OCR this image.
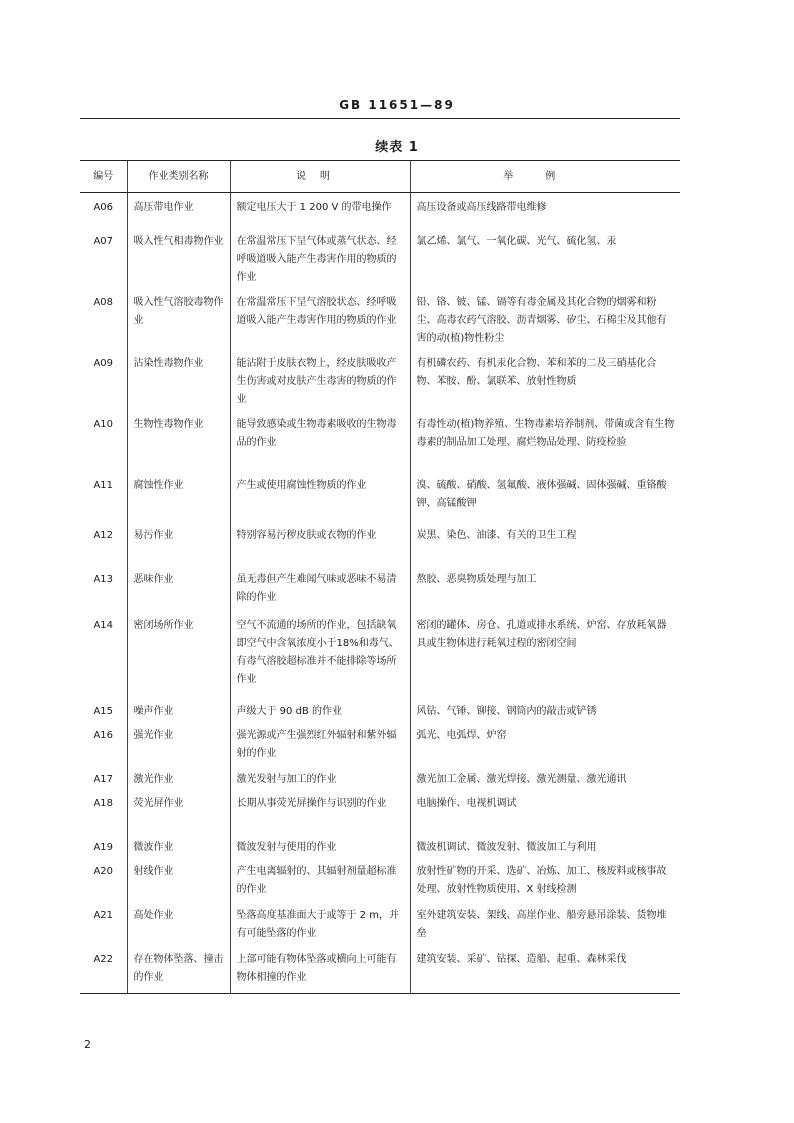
GB 11651—89
续表 1
编号	作业类别名称	说明	举例
A06	高压带电作业	额定电压大于 1 200 V 的带电操作	高压设备或高压线路带电维修
A07	吸入性气相毒物作业	在常温常压下呈气体或蒸气状态、经呼吸道吸入能产生毒害作用的物质的作业	氯乙烯、氯气、一氧化碳、光气、硫化氢、汞
A08	吸入性气溶胶毒物作业	在常温常压下呈气溶胶状态、经呼吸道吸入能产生毒害作用的物质的作业	铅、铬、铍、锰、镉等有毒金属及其化合物的烟雾和粉尘、高毒农药气溶胶、沥青烟雾、矽尘、石棉尘及其他有害的动(植)物性粉尘
A09	沾染性毒物作业	能沾附于皮肤衣物上，经皮肤吸收产生伤害或对皮肤产生毒害的物质的作业	有机磷农药、有机汞化合物、苯和苯的二及三硝基化合物、苯胺、酚、氯联苯、放射性物质
A10	生物性毒物作业	能导致感染或生物毒素吸收的生物毒品的作业	有毒性动(植)物养殖、生物毒素培养制剂、带菌或含有生物毒素的制品加工处理、腐烂物品处理、防疫检验
A11	腐蚀性作业	产生或使用腐蚀性物质的作业	溴、硫酸、硝酸、氢氟酸、液体强碱、固体强碱、重铬酸钾、高锰酸钾
A12	易污作业	特别容易污秽皮肤或衣物的作业	炭黑、染色、油漆、有关的卫生工程
A13	恶味作业	虽无毒但产生难闻气味或恶味不易清除的作业	熬胶、恶臭物质处理与加工
A14	密闭场所作业	空气不流通的场所的作业，包括缺氧即空气中含氧浓度小于18%和毒气、有毒气溶胶超标准并不能排除等场所作业	密闭的罐体、房仓、孔道或排水系统、炉窑、存放耗氧器具或生物体进行耗氧过程的密闭空间
A15	噪声作业	声级大于 90 dB 的作业	风钻、气锤、铆接、钢筒内的敲击或铲锈
A16	强光作业	强光源或产生强烈红外辐射和紫外辐射的作业	弧光、电弧焊、炉窑
A17	激光作业	激光发射与加工的作业	激光加工金属、激光焊接、激光测量、激光通讯
A18	荧光屏作业	长期从事荧光屏操作与识别的作业	电脑操作、电视机调试
A19	微波作业	微波发射与使用的作业	微波机调试、微波发射、微波加工与利用
A20	射线作业	产生电离辐射的、其辐射剂量超标准的作业	放射性矿物的开采、选矿、冶炼、加工、核废料或核事故处理、放射性物质使用、X 射线检测
A21	高处作业	坠落高度基准面大于或等于 2 m，并有可能坠落的作业	室外建筑安装、架线、高崖作业、船旁悬吊涂装、货物堆垒
A22	存在物体坠落、撞击的作业	上部可能有物体坠落或横向上可能有物体相撞的作业	建筑安装、采矿、钻探、造船、起重、森林采伐
2
